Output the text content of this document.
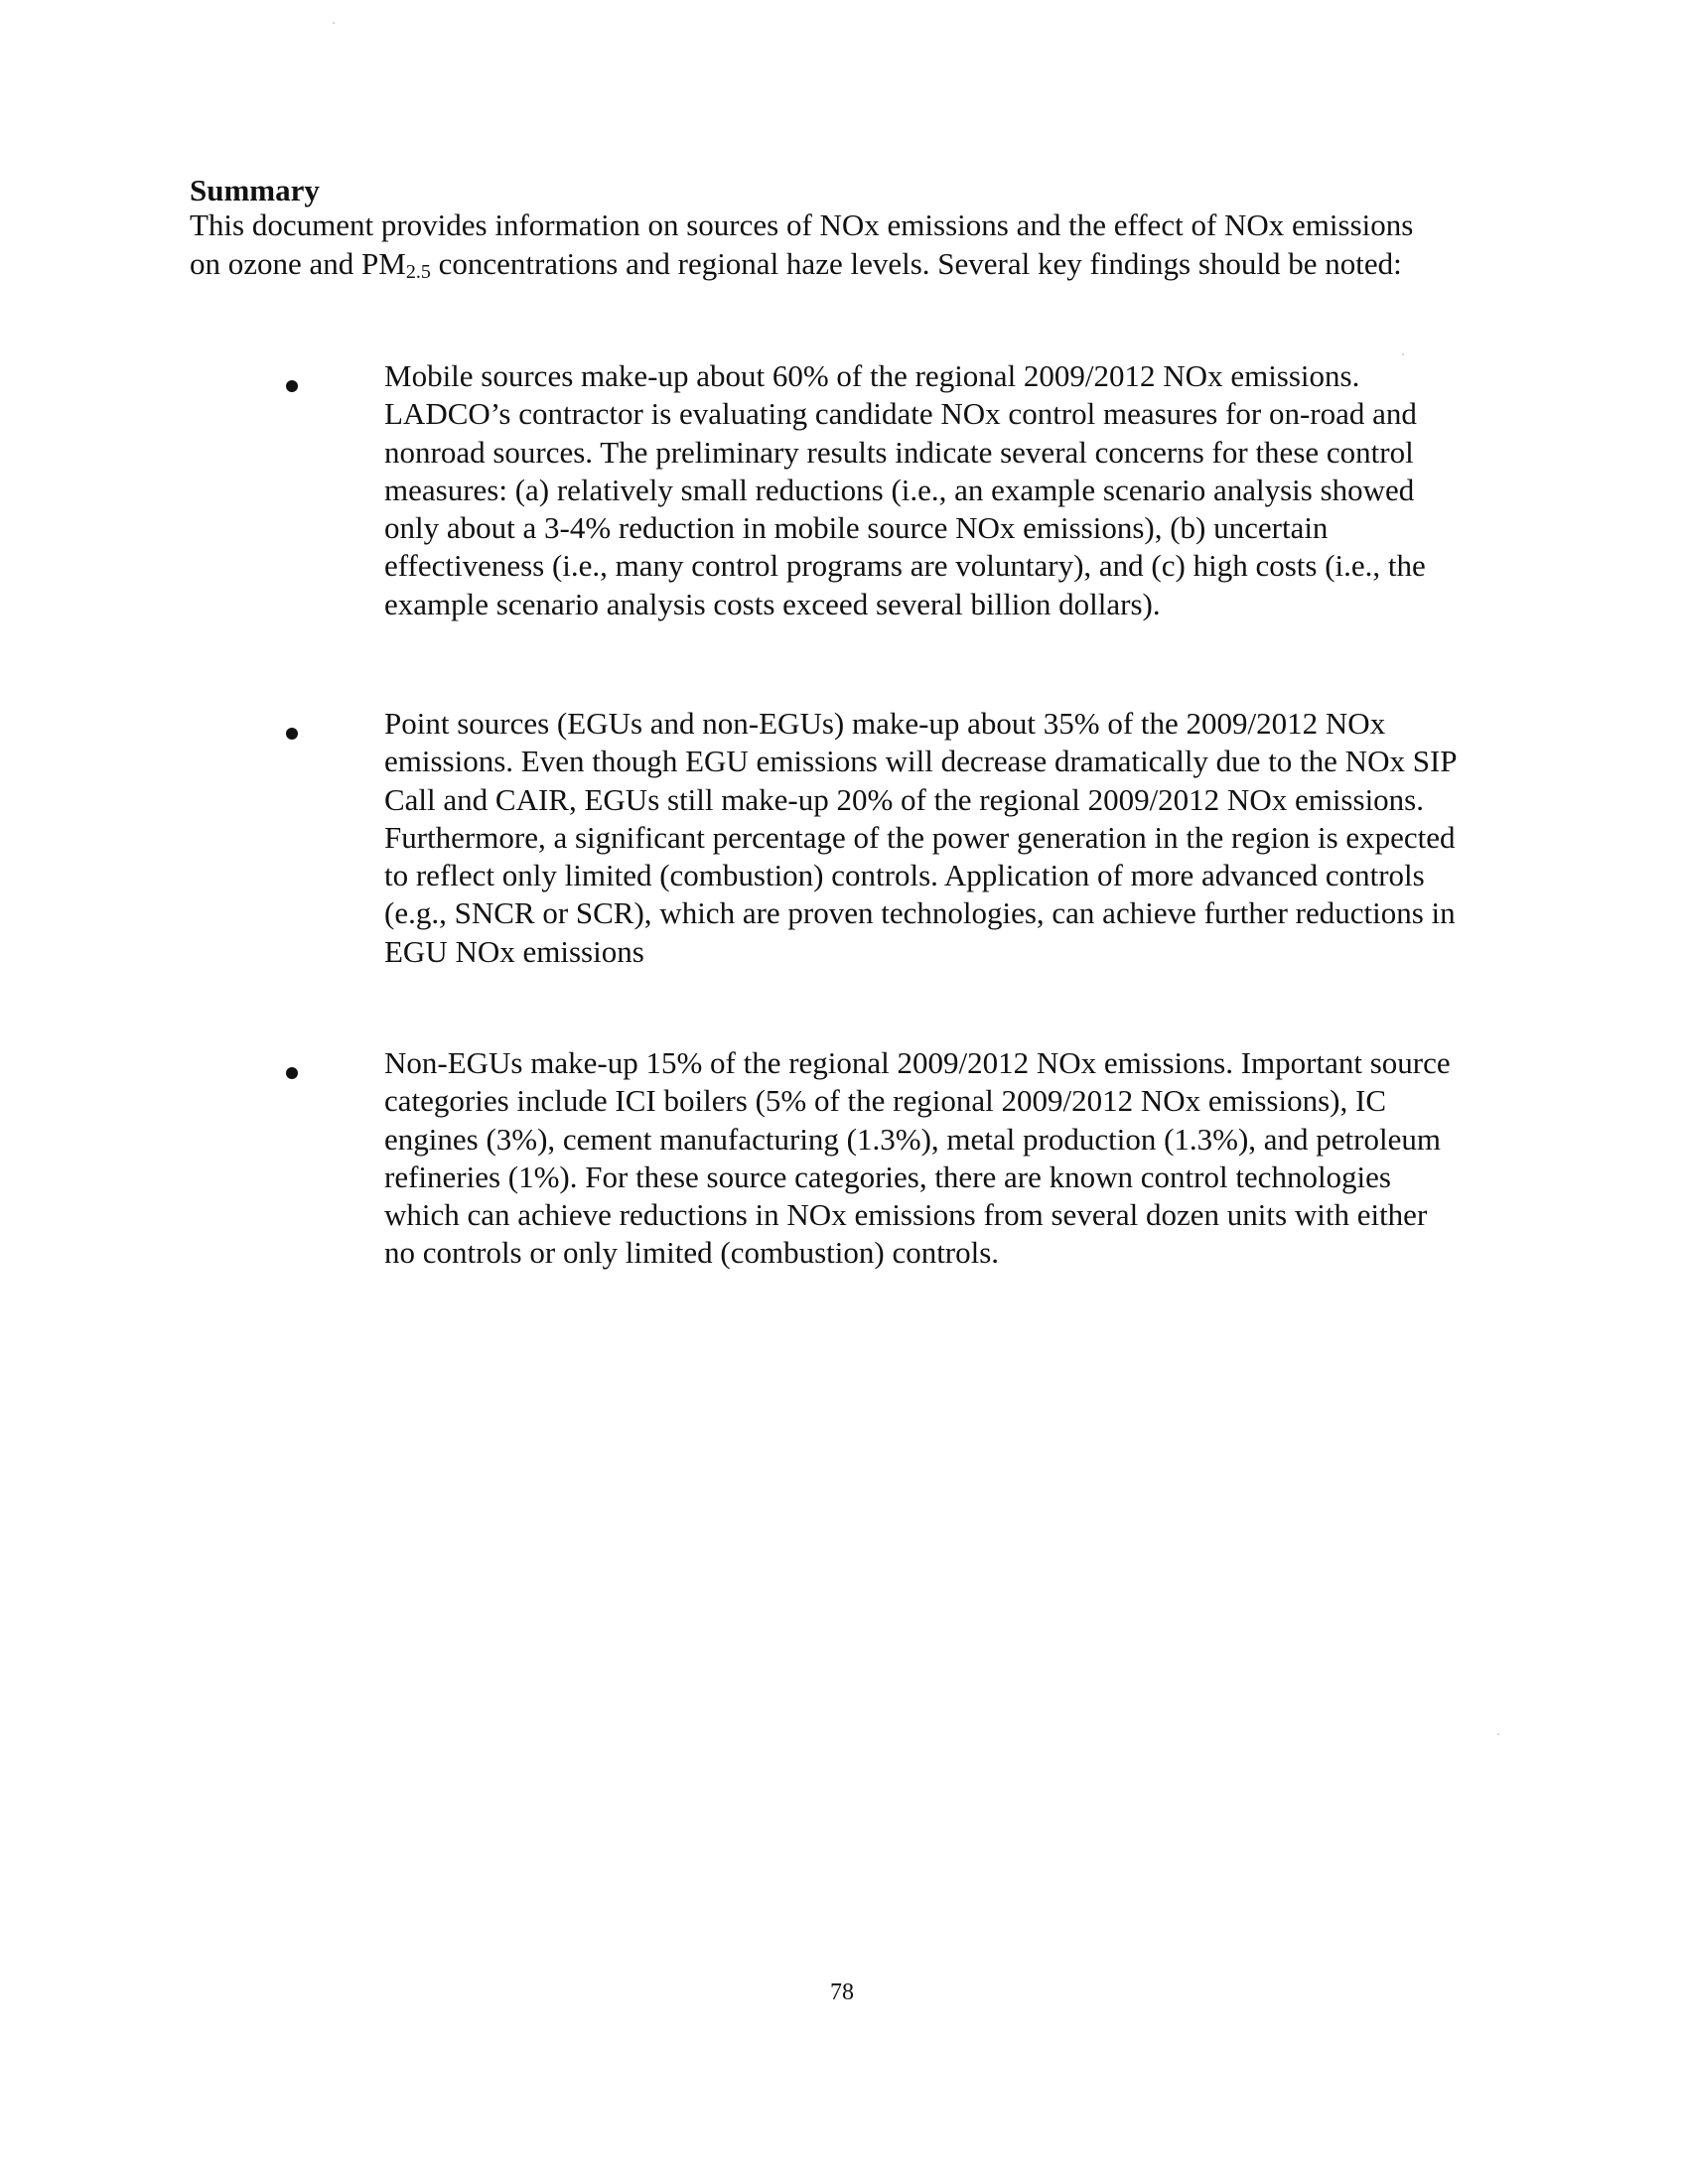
Summary

This document provides information on sources of NOx emissions and the effect of NOx emissions on ozone and $PM_{2.5}$ concentrations and regional haze levels. Several key findings should be noted:

Mobile sources make-up about 60% of the regional 2009/2012 NOx emissions. LADCO’s contractor is evaluating candidate NOx control measures for on-road and nonroad sources. The preliminary results indicate several concerns for these control measures: (a) relatively small reductions (i.e., an example scenario analysis showed only about a 3-4% reduction in mobile source NOx emissions), (b) uncertain effectiveness (i.e., many control programs are voluntary), and (c) high costs (i.e., the example scenario analysis costs exceed several billion dollars).

Point sources (EGUs and non-EGUs) make-up about 35% of the 2009/2012 NOx emissions. Even though EGU emissions will decrease dramatically due to the NOx SIP Call and CAIR, EGUs still make-up 20% of the regional 2009/2012 NOx emissions. Furthermore, a significant percentage of the power generation in the region is expected to reflect only limited (combustion) controls. Application of more advanced controls (e.g., SNCR or SCR), which are proven technologies, can achieve further reductions in EGU NOx emissions

Non-EGUs make-up 15% of the regional 2009/2012 NOx emissions. Important source categories include ICI boilers (5% of the regional 2009/2012 NOx emissions), IC engines (3%), cement manufacturing (1.3%), metal production (1.3%), and petroleum refineries (1%). For these source categories, there are known control technologies which can achieve reductions in NOx emissions from several dozen units with either no controls or only limited (combustion) controls.

78
